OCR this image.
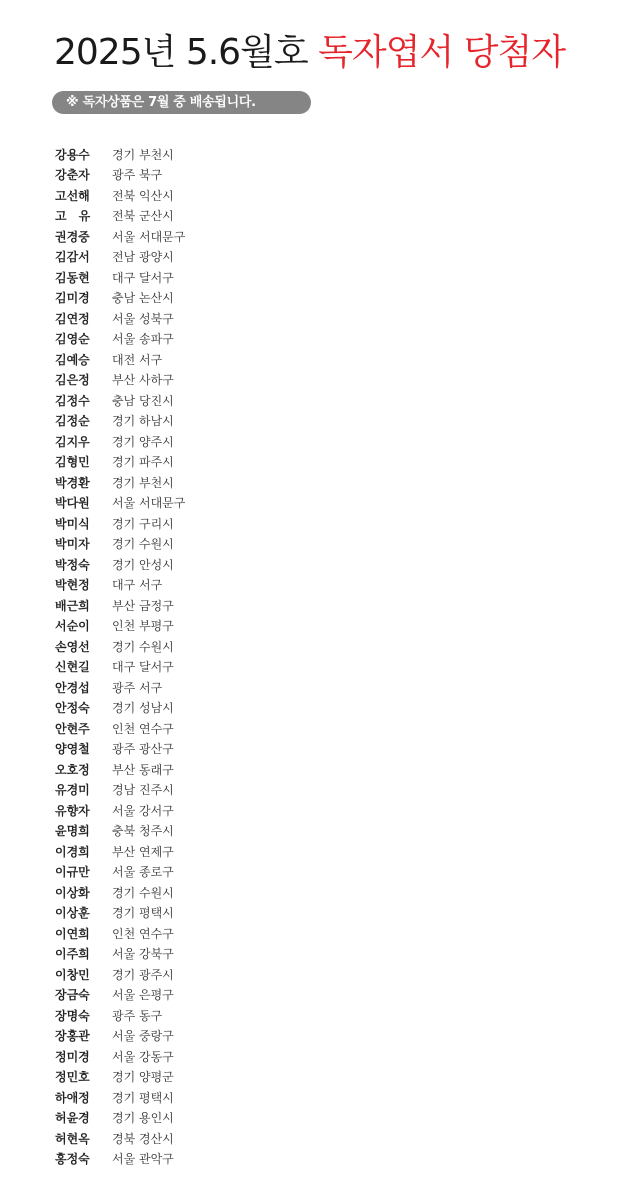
2025년 5.6월호 독자엽서 당첨자
※ 독자상품은 7월 중 배송됩니다.
강용수	경기 부천시
강춘자	광주 북구
고선해	전북 익산시
고　유	전북 군산시
권경중	서울 서대문구
김감서	전남 광양시
김동현	대구 달서구
김미경	충남 논산시
김연정	서울 성북구
김영순	서울 송파구
김예승	대전 서구
김은정	부산 사하구
김정수	충남 당진시
김정순	경기 하남시
김지우	경기 양주시
김형민	경기 파주시
박경환	경기 부천시
박다원	서울 서대문구
박미식	경기 구리시
박미자	경기 수원시
박정숙	경기 안성시
박현정	대구 서구
배근희	부산 금정구
서순이	인천 부평구
손영선	경기 수원시
신현길	대구 달서구
안경섭	광주 서구
안정숙	경기 성남시
안현주	인천 연수구
양영철	광주 광산구
오호정	부산 동래구
유경미	경남 진주시
유향자	서울 강서구
윤명희	충북 청주시
이경희	부산 연제구
이규만	서울 종로구
이상화	경기 수원시
이상훈	경기 평택시
이연희	인천 연수구
이주희	서울 강북구
이창민	경기 광주시
장금숙	서울 은평구
장명숙	광주 동구
장홍관	서울 중랑구
정미경	서울 강동구
정민호	경기 양평군
하애정	경기 평택시
허윤경	경기 용인시
허현옥	경북 경산시
홍정숙	서울 관악구
